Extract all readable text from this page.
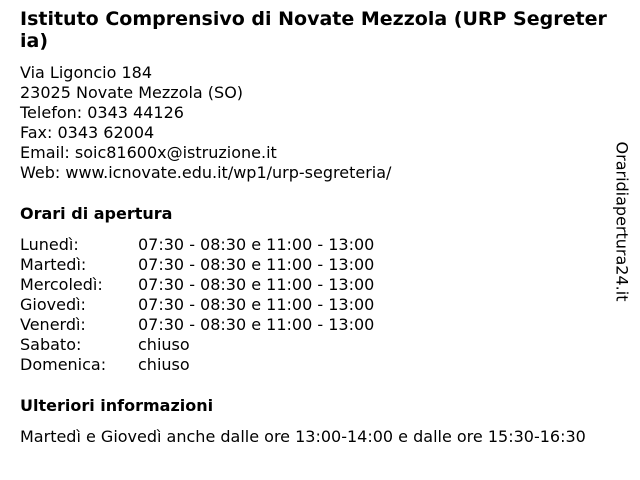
Istituto Comprensivo di Novate Mezzola (URP Segreteria)
Via Ligoncio 184
23025 Novate Mezzola (SO)
Telefon: 0343 44126
Fax: 0343 62004
Email: soic81600x@istruzione.it
Web: www.icnovate.edu.it/wp1/urp-segreteria/
Orari di apertura
Lunedì:	07:30 - 08:30 e 11:00 - 13:00
Martedì:	07:30 - 08:30 e 11:00 - 13:00
Mercoledì:	07:30 - 08:30 e 11:00 - 13:00
Giovedì:	07:30 - 08:30 e 11:00 - 13:00
Venerdì:	07:30 - 08:30 e 11:00 - 13:00
Sabato:	chiuso
Domenica:	chiuso
Ulteriori informazioni
Martedì e Giovedì anche dalle ore 13:00-14:00 e dalle ore 15:30-16:30
Oraridiapertura24.it
